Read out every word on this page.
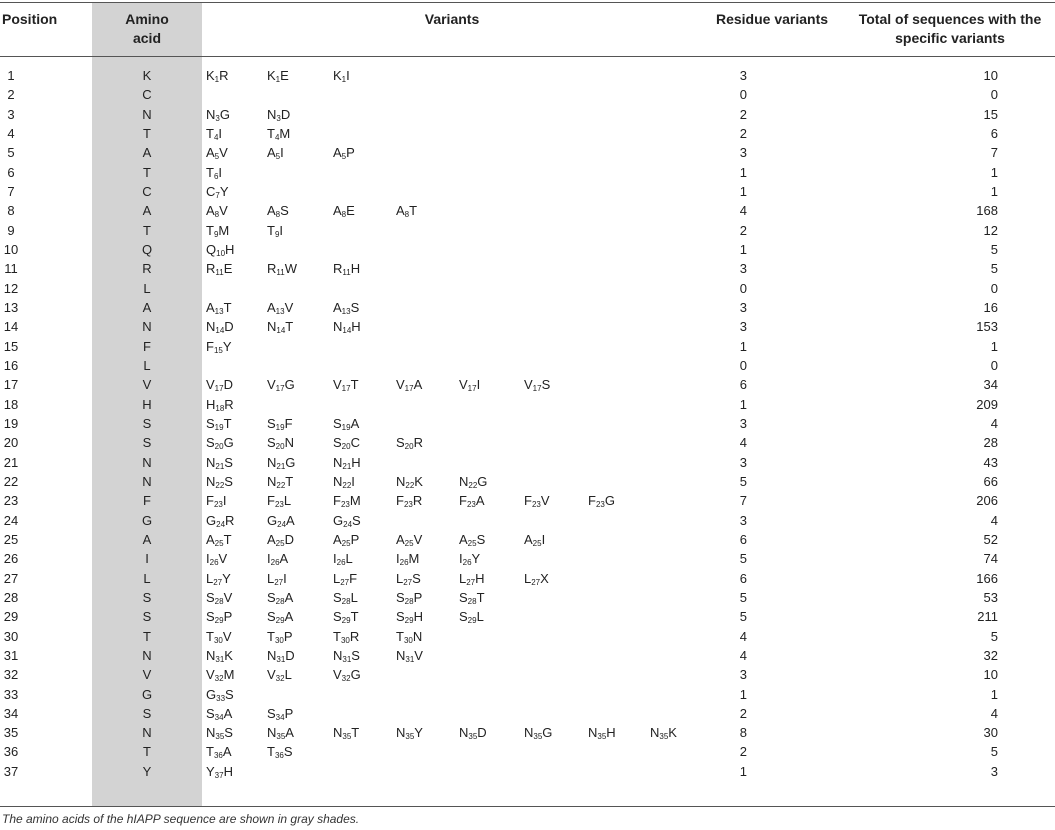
Position	Amino
acid
Variants	Residue variants	Total of sequences with the
specific variants
1	K	$K_1R$	$K_1E$	$K_1I$	3	10
2	C	0	0
3	N	$N_3G$	$N_3D$	2	15
4	T	$T_4I$	$T_4M$	2	6
5	A	$A_5V$	$A_5I$	$A_5P$	3	7
6	T	$T_6I$	1	1
7	C	$C_7Y$	1	1
8	A	$A_8V$	$A_8S$	$A_8E$	$A_8T$	4	168
9	T	$T_9M$	$T_9I$	2	12
10	Q	$Q_{10}H$	1	5
11	R	$R_{11}E$	$R_{11}W$	$R_{11}H$	3	5
12	L	0	0
13	A	$A_{13}T$	$A_{13}V$	$A_{13}S$	3	16
14	N	$N_{14}D$	$N_{14}T$	$N_{14}H$	3	153
15	F	$F_{15}Y$	1	1
16	L	0	0
17	V	$V_{17}D$	$V_{17}G$	$V_{17}T$	$V_{17}A$	$V_{17}I$	$V_{17}S$	6	34
18	H	$H_{18}R$	1	209
19	S	$S_{19}T$	$S_{19}F$	$S_{19}A$	3	4
20	S	$S_{20}G$	$S_{20}N$	$S_{20}C$	$S_{20}R$	4	28
21	N	$N_{21}S$	$N_{21}G$	$N_{21}H$	3	43
22	N	$N_{22}S$	$N_{22}T$	$N_{22}I$	$N_{22}K$	$N_{22}G$	5	66
23	F	$F_{23}I$	$F_{23}L$	$F_{23}M$	$F_{23}R$	$F_{23}A$	$F_{23}V$	$F_{23}G$	7	206
24	G	$G_{24}R$	$G_{24}A$	$G_{24}S$	3	4
25	A	$A_{25}T$	$A_{25}D$	$A_{25}P$	$A_{25}V$	$A_{25}S$	$A_{25}I$	6	52
26	I	$I_{26}V$	$I_{26}A$	$I_{26}L$	$I_{26}M$	$I_{26}Y$	5	74
27	L	$L_{27}Y$	$L_{27}I$	$L_{27}F$	$L_{27}S$	$L_{27}H$	$L_{27}X$	6	166
28	S	$S_{28}V$	$S_{28}A$	$S_{28}L$	$S_{28}P$	$S_{28}T$	5	53
29	S	$S_{29}P$	$S_{29}A$	$S_{29}T$	$S_{29}H$	$S_{29}L$	5	211
30	T	$T_{30}V$	$T_{30}P$	$T_{30}R$	$T_{30}N$	4	5
31	N	$N_{31}K$	$N_{31}D$	$N_{31}S$	$N_{31}V$	4	32
32	V	$V_{32}M$	$V_{32}L$	$V_{32}G$	3	10
33	G	$G_{33}S$	1	1
34	S	$S_{34}A$	$S_{34}P$	2	4
35	N	$N_{35}S$	$N_{35}A$	$N_{35}T$	$N_{35}Y$	$N_{35}D$	$N_{35}G$	$N_{35}H$	$N_{35}K$	8	30
36	T	$T_{36}A$	$T_{36}S$	2	5
37	Y	$Y_{37}H$	1	3
The amino acids of the hIAPP sequence are shown in gray shades.
